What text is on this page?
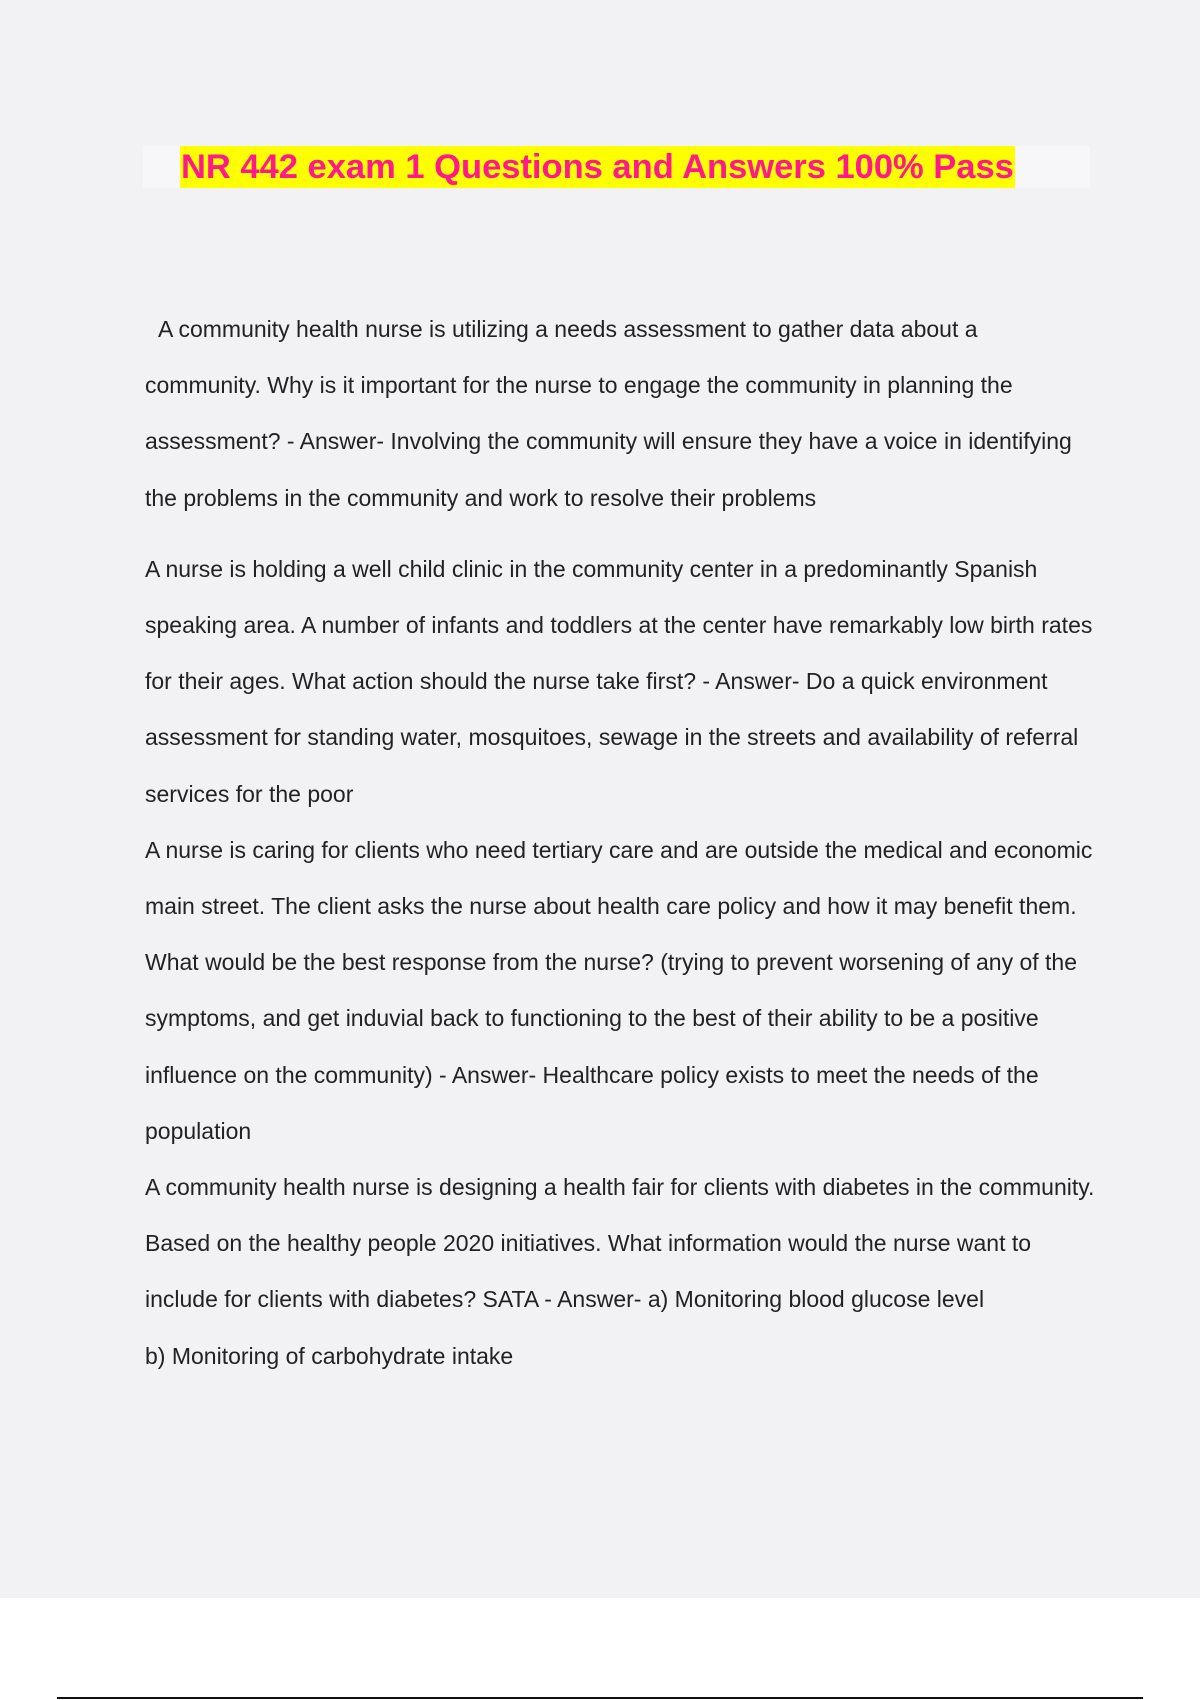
NR 442 exam 1 Questions and Answers 100% Pass

A community health nurse is utilizing a needs assessment to gather data about a community. Why is it important for the nurse to engage the community in planning the assessment? - Answer- Involving the community will ensure they have a voice in identifying the problems in the community and work to resolve their problems

A nurse is holding a well child clinic in the community center in a predominantly Spanish speaking area. A number of infants and toddlers at the center have remarkably low birth rates for their ages. What action should the nurse take first? - Answer- Do a quick environment assessment for standing water, mosquitoes, sewage in the streets and availability of referral services for the poor

A nurse is caring for clients who need tertiary care and are outside the medical and economic main street. The client asks the nurse about health care policy and how it may benefit them. What would be the best response from the nurse? (trying to prevent worsening of any of the symptoms, and get induvial back to functioning to the best of their ability to be a positive influence on the community) - Answer- Healthcare policy exists to meet the needs of the population

A community health nurse is designing a health fair for clients with diabetes in the community. Based on the healthy people 2020 initiatives. What information would the nurse want to include for clients with diabetes? SATA - Answer- a) Monitoring blood glucose level

b) Monitoring of carbohydrate intake
